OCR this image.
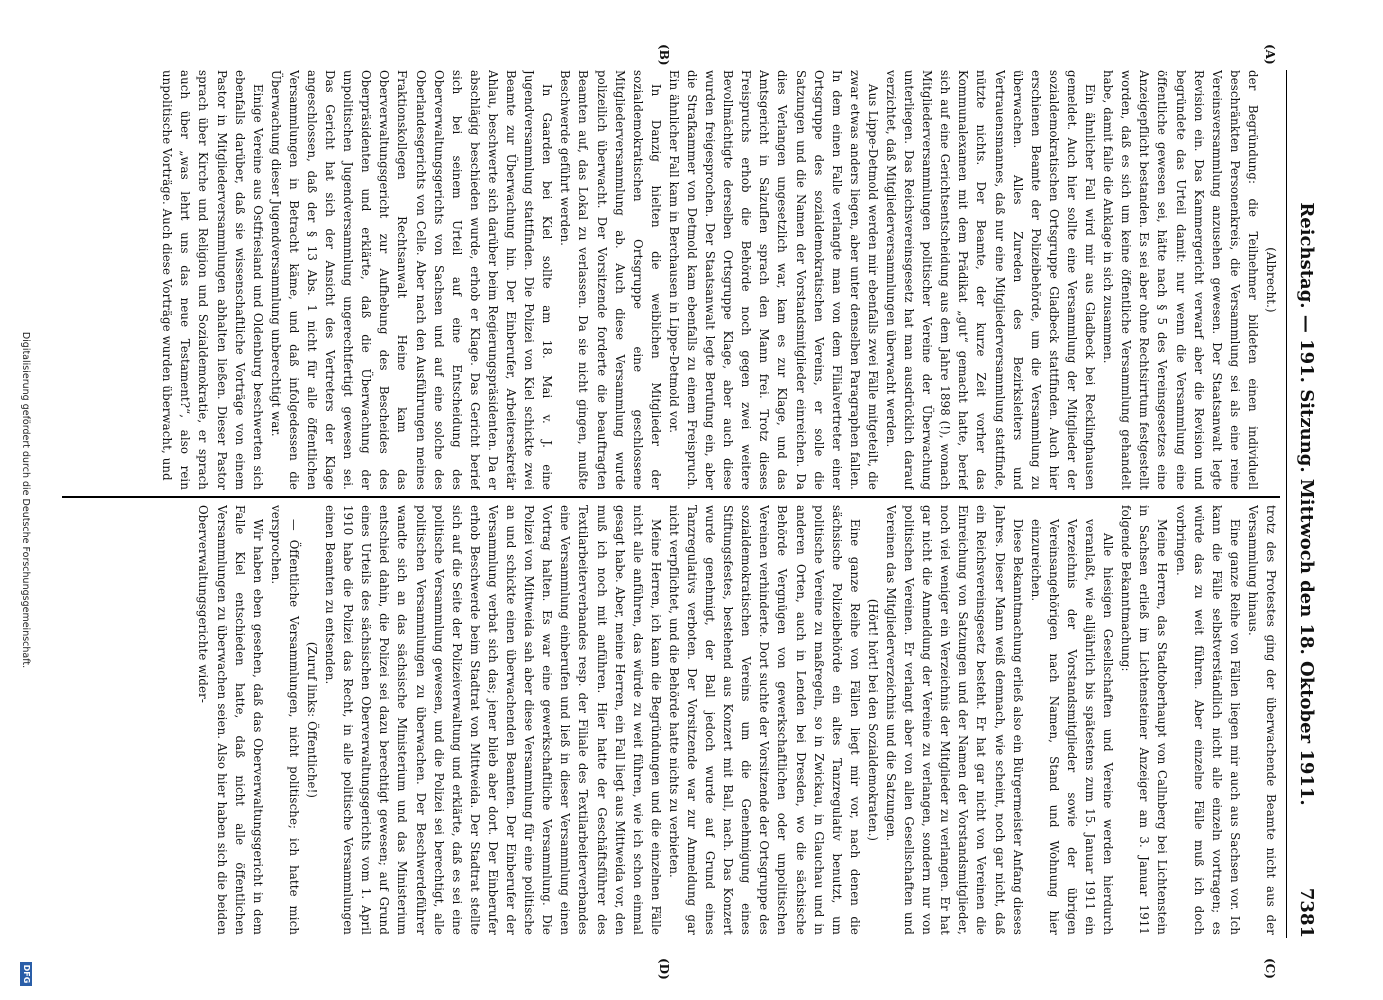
Reichstag. — 191. Sitzung. Mittwoch den 18. Oktober 1911.
7381
(A)
(B)
(C)
(D)

(Albrecht.)

der Begründung: die Teilnehmer bildeten einen individuell beschränkten Personenkreis, die Versammlung sei als eine reine Vereinsversammlung anzusehen gewesen. Der Staatsanwalt legte Revision ein. Das Kammergericht verwarf aber die Revision und begründete das Urteil damit: nur wenn die Versammlung eine öffentliche gewesen sei, hätte nach § 5 des Vereinsgesetzes eine Anzeigepflicht bestanden. Es sei aber ohne Rechtsirrtum festgestellt worden, daß es sich um keine öffentliche Versammlung gehandelt habe, damit falle die Anklage in sich zusammen.

Ein ähnlicher Fall wird mir aus Gladbeck bei Recklinghausen gemeldet. Auch hier sollte eine Versammlung der Mitglieder der sozialdemokratischen Ortsgruppe Gladbeck stattfinden. Auch hier erschienen Beamte der Polizeibehörde, um die Versammlung zu überwachen. Alles Zureden des Bezirksleiters und Vertrauensmannes, daß nur eine Mitgliederversammlung stattfinde, nützte nichts. Der Beamte, der kurze Zeit vorher das Kommunalexamen mit dem Prädikat „gut“ gemacht hatte, berief sich auf eine Gerichtsentscheidung aus dem Jahre 1898 (!), wonach Mitgliederversammlungen politischer Vereine der Überwachung unterliegen. Das Reichsvereinsgesetz hat man ausdrücklich darauf verzichtet, daß Mitgliederversammlungen überwacht werden.

Aus Lippe-Detmold werden mir ebenfalls zwei Fälle mitgeteilt, die zwar etwas anders liegen, aber unter denselben Paragraphen fallen. In dem einen Falle verlangte man von dem Filialvertreter einer Ortsgruppe des sozialdemokratischen Vereins, er solle die Satzungen und die Namen der Vorstandsmitglieder einreichen. Da dies Verlangen ungesetzlich war, kam es zur Klage, und das Amtsgericht in Salzuflen sprach den Mann frei. Trotz dieses Freispruchs erhob die Behörde noch gegen zwei weitere Bevollmächtigte derselben Ortsgruppe Klage, aber auch diese wurden freigesprochen. Der Staatsanwalt legte Berufung ein, aber die Strafkammer von Detmold kam ebenfalls zu einem Freispruch. Ein ähnlicher Fall kam in Berchausen in Lippe-Detmold vor.

In Danzig hielten die weiblichen Mitglieder der sozialdemokratischen Ortsgruppe eine geschlossene Mitgliederversammlung ab. Auch diese Versammlung wurde polizeilich überwacht. Der Vorsitzende forderte die beauftragten Beamten auf, das Lokal zu verlassen. Da sie nicht gingen, mußte Beschwerde geführt werden.

In Gaarden bei Kiel sollte am 18. Mai v. J. eine Jugendversammlung stattfinden. Die Polizei von Kiel schickte zwei Beamte zur Überwachung hin. Der Einberufer, Arbeitersekretär Ahlau, beschwerte sich darüber beim Regierungspräsidenten. Da er abschlägig beschieden wurde, erhob er Klage. Das Gericht berief sich bei seinem Urteil auf eine Entscheidung des Oberverwaltungsgerichts von Sachsen und auf eine solche des Oberlandesgerichts von Celle. Aber nach den Ausführungen meines Fraktionskollegen Rechtsanwalt Heine kam das Oberverwaltungsgericht zur Aufhebung des Bescheides des Oberpräsidenten und erklärte, daß die Überwachung der unpolitischen Jugendversammlung ungerechtfertigt gewesen sei. Das Gericht hat sich der Ansicht des Vertreters der Klage angeschlossen, daß der § 13 Abs. 1 nicht für alle öffentlichen Versammlungen in Betracht käme, und daß infolgedessen die Überwachung dieser Jugendversammlung unberechtigt war.

Einige Vereine aus Ostfriesland und Oldenburg beschwerten sich ebenfalls darüber, daß sie wissenschaftliche Vorträge von einem Pastor in Mitgliederversammlungen abhalten ließen. Dieser Pastor sprach über Kirche und Religion und Sozialdemokratie, er sprach auch über „was lehrt uns das neue Testament?“, also rein unpolitische Vorträge. Auch diese Vorträge wurden überwacht, und

trotz des Protestes ging der überwachende Beamte nicht aus der Versammlung hinaus.

Eine ganze Reihe von Fällen liegen mir auch aus Sachsen vor. Ich kann die Fälle selbstverständlich nicht alle einzeln vortragen; es würde das zu weit führen. Aber einzelne Fälle muß ich doch vorbringen.

Meine Herren, das Stadtoberhaupt von Callnberg bei Lichtenstein in Sachsen erließ im Lichtensteiner Anzeiger am 3. Januar 1911 folgende Bekanntmachung:

Alle hiesigen Gesellschaften und Vereine werden hierdurch veranlaßt, wie alljährlich bis spätestens zum 15. Januar 1911 ein Verzeichnis der Vorstandsmitglieder sowie der übrigen Vereinsangehörigen nach Namen, Stand und Wohnung hier einzureichen.

Diese Bekanntmachung erließ also ein Bürgermeister Anfang dieses Jahres. Dieser Mann weiß demnach, wie scheint, noch gar nicht, daß ein Reichsvereinsgesetz besteht. Er hat gar nicht von Vereinen die Einreichung von Satzungen und der Namen der Vorstandsmitglieder, noch viel weniger ein Verzeichnis der Mitglieder zu verlangen. Er hat gar nicht die Anmeldung der Vereine zu verlangen, sondern nur von politischen Vereinen. Er verlangt aber von allen Gesellschaften und Vereinen das Mitgliederverzeichnis und die Satzungen.

(Hört! hört! bei den Sozialdemokraten.)

Eine ganze Reihe von Fällen liegt mir vor, nach denen die sächsische Polizeibehörde ein altes Tanzregulativ benutzt, um politische Vereine zu maßregeln, so in Zwickau, in Glauchau und in anderen Orten, auch in Lenden bei Dresden, wo die sächsische Behörde Vergnügen von gewerkschaftlichen oder unpolitischen Vereinen verhinderte. Dort suchte der Vorsitzende der Ortsgruppe des sozialdemokratischen Vereins um die Genehmigung eines Stiftungsfestes, bestehend aus Konzert mit Ball, nach. Das Konzert wurde genehmigt, der Ball jedoch wurde auf Grund eines Tanzregulativs verboten. Der Vorsitzende war zur Anmeldung gar nicht verpflichtet, und die Behörde hatte nichts zu verbieten.

Meine Herren, ich kann die Begründungen und die einzelnen Fälle nicht alle anführen, das würde zu weit führen, wie ich schon einmal gesagt habe. Aber, meine Herren, ein Fall liegt aus Mittweida vor, den muß ich noch mit anführen. Hier hatte der Geschäftsführer des Textilarbeiterverbandes resp. der Filiale des Textilarbeiterverbandes eine Versammlung einberufen und ließ in dieser Versammlung einen Vortrag halten. Es war eine gewerkschaftliche Versammlung. Die Polizei von Mittweida sah aber diese Versammlung für eine politische an und schickte einen überwachenden Beamten. Der Einberufer der Versammlung verbat sich das; jener blieb aber dort. Der Einberufer erhob Beschwerde beim Stadtrat von Mittweida. Der Stadtrat stellte sich auf die Seite der Polizeiverwaltung und erklärte, daß es sei eine politische Versammlung gewesen, und die Polizei sei berechtigt, alle politischen Versammlungen zu überwachen. Der Beschwerdeführer wandte sich an das sächsische Ministerium und das Ministerium entschied dahin, die Polizei sei dazu berechtigt gewesen; auf Grund eines Urteils des sächsischen Oberverwaltungsgerichts vom 1. April 1910 habe die Polizei das Recht, in alle politische Versammlungen einen Beamten zu entsenden.

(Zuruf links: Öffentliche!)

— Öffentliche Versammlungen, nicht politische; ich hatte mich versprochen.

Wir haben eben gesehen, daß das Oberverwaltungsgericht in dem Falle Kiel entschieden hatte, daß nicht alle öffentlichen Versammlungen zu überwachen seien. Also hier haben sich die beiden Oberverwaltungsgerichte wider-

Digitalisierung gefördert durch die Deutsche Forschungsgemeinschaft.
DFG
